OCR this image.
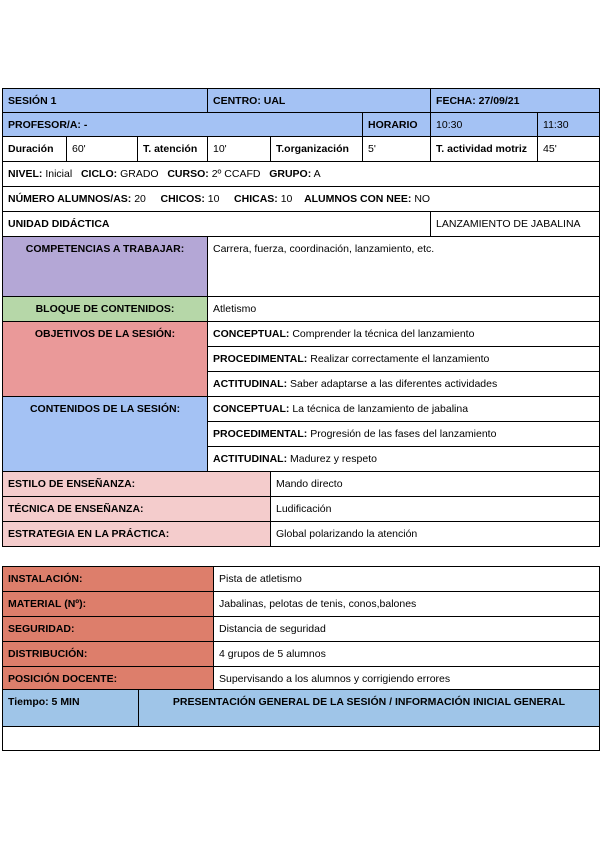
SESIÓN 1			CENTRO: UAL			FECHA: 27/09/21	
PROFESOR/A: -					HORARIO	10:30	11:30
Duración	60'	T. atención	10'	T.organización	5'	T. actividad motriz	45'
NIVEL: Inicial CICLO: GRADO CURSO: 2º CCAFD GRUPO: A							
NÚMERO ALUMNOS/AS: 20 CHICOS: 10 CHICAS: 10 ALUMNOS CON NEE: NO							
UNIDAD DIDÁCTICA						LANZAMIENTO DE JABALINA	
COMPETENCIAS A TRABAJAR:			Carrera, fuerza, coordinación, lanzamiento, etc.				
BLOQUE DE CONTENIDOS:			Atletismo				
OBJETIVOS DE LA SESIÓN:			CONCEPTUAL: Comprender la técnica del lanzamiento				
			PROCEDIMENTAL: Realizar correctamente el lanzamiento				
			ACTITUDINAL: Saber adaptarse a las diferentes actividades				
CONTENIDOS DE LA SESIÓN:			CONCEPTUAL: La técnica de lanzamiento de jabalina				
			PROCEDIMENTAL: Progresión de las fases del lanzamiento				
			ACTITUDINAL: Madurez y respeto				
ESTILO DE ENSEÑANZA:				Mando directo			
TÉCNICA DE ENSEÑANZA:				Ludificación			
ESTRATEGIA EN LA PRÁCTICA:				Global polarizando la atención			
INSTALACIÓN:	Pista de atletismo
MATERIAL (Nº):	Jabalinas, pelotas de tenis, conos,balones
SEGURIDAD:	Distancia de seguridad
DISTRIBUCIÓN:	4 grupos de 5 alumnos
POSICIÓN DOCENTE:	Supervisando a los alumnos y corrigiendo errores
Tiempo: 5 MIN	PRESENTACIÓN GENERAL DE LA SESIÓN / INFORMACIÓN INICIAL GENERAL
